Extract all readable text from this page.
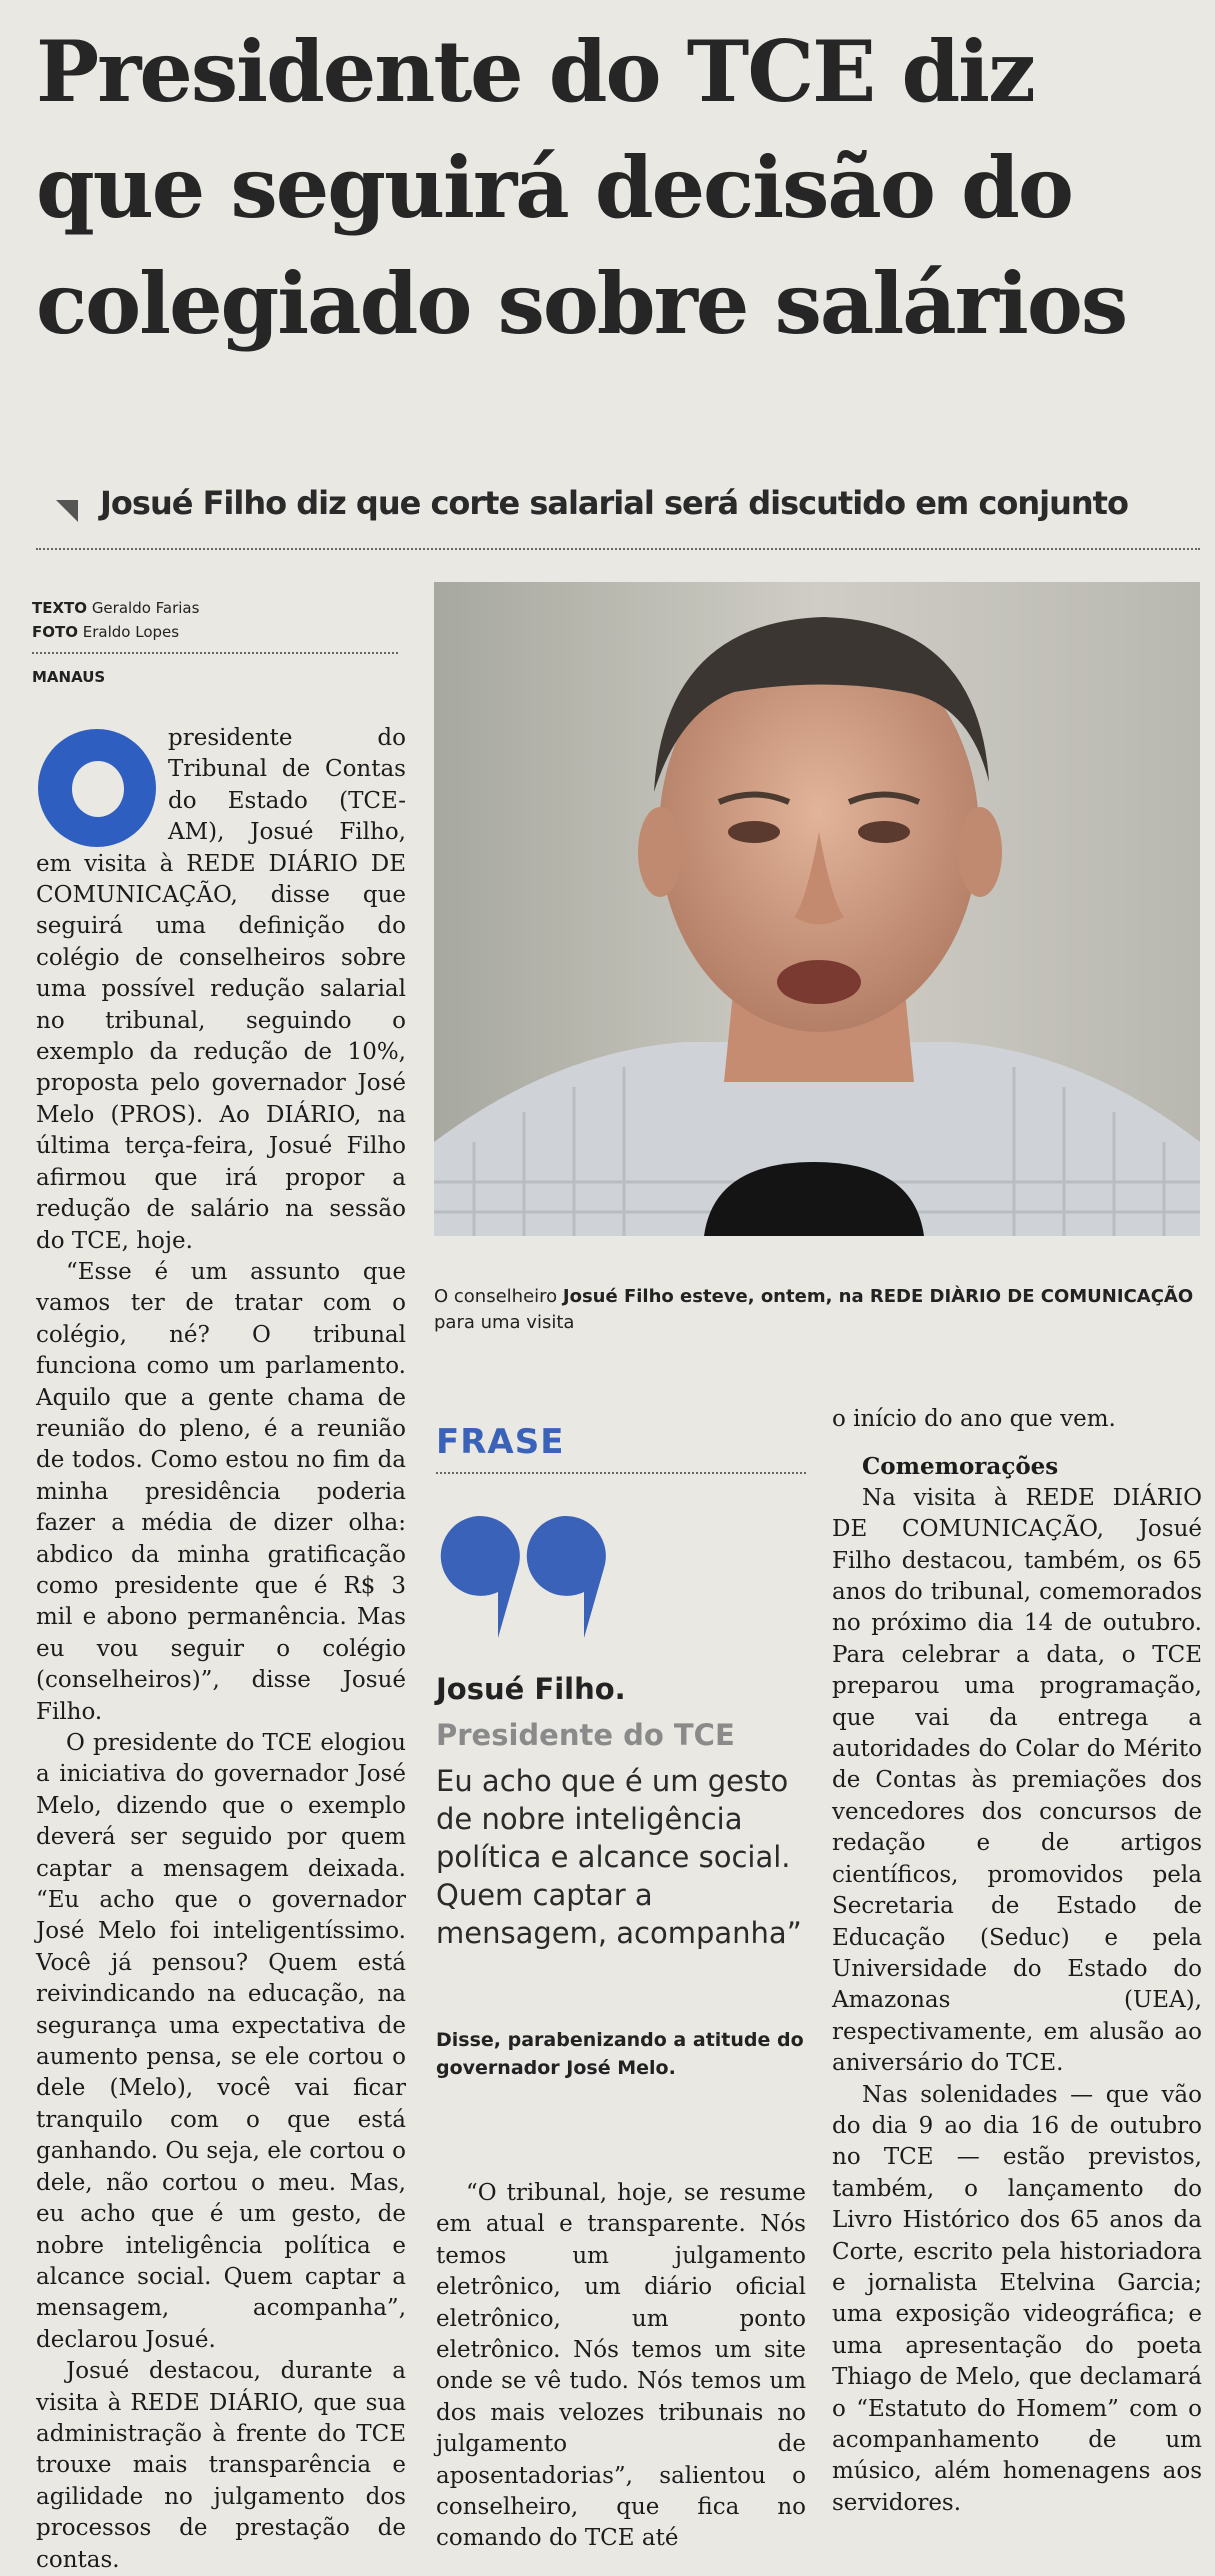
Presidente do TCE diz
que seguirá decisão do
colegiado sobre salários

Josué Filho diz que corte salarial será discutido em conjunto

TEXTO Geraldo Farias
FOTO Eraldo Lopes
MANAUS

presidente do Tribunal de Contas do Estado (TCE-AM), Josué Filho, em visita à REDE DIÁRIO DE COMUNICAÇÃO, disse que seguirá uma definição do colégio de conselheiros sobre uma possível redução salarial no tribunal, seguindo o exemplo da redução de 10%, proposta pelo governador José Melo (PROS). Ao DIÁRIO, na última terça-feira, Josué Filho afirmou que irá propor a redução de salário na sessão do TCE, hoje.

“Esse é um assunto que vamos ter de tratar com o colégio, né? O tribunal funciona como um parlamento. Aquilo que a gente chama de reunião do pleno, é a reunião de todos. Como estou no fim da minha presidência poderia fazer a média de dizer olha: abdico da minha gratificação como presidente que é R$ 3 mil e abono permanência. Mas eu vou seguir o colégio (conselheiros)”, disse Josué Filho.

O presidente do TCE elogiou a iniciativa do governador José Melo, dizendo que o exemplo deverá ser seguido por quem captar a mensagem deixada. “Eu acho que o governador José Melo foi inteligentíssimo. Você já pensou? Quem está reivindicando na educação, na segurança uma expectativa de aumento pensa, se ele cortou o dele (Melo), você vai ficar tranquilo com o que está ganhando. Ou seja, ele cortou o dele, não cortou o meu. Mas, eu acho que é um gesto, de nobre inteligência política e alcance social. Quem captar a mensagem, acompanha”, declarou Josué.

Josué destacou, durante a visita à REDE DIÁRIO, que sua administração à frente do TCE trouxe mais transparência e agilidade no julgamento dos processos de prestação de contas.

O conselheiro Josué Filho esteve, ontem, na REDE DIÀRIO DE COMUNICAÇÃO para uma visita
FRASE
Josué Filho.
Presidente do TCE
Eu acho que é um gesto de nobre inteligência política e alcance social. Quem captar a mensagem, acompanha”
Disse, parabenizando a atitude do governador José Melo.

“O tribunal, hoje, se resume em atual e transparente. Nós temos um julgamento eletrônico, um diário oficial eletrônico, um ponto eletrônico. Nós temos um site onde se vê tudo. Nós temos um dos mais velozes tribunais no julgamento de aposentadorias”, salientou o conselheiro, que fica no comando do TCE até

o início do ano que vem.

Comemorações

Na visita à REDE DIÁRIO DE COMUNICAÇÃO, Josué Filho destacou, também, os 65 anos do tribunal, comemorados no próximo dia 14 de outubro. Para celebrar a data, o TCE preparou uma programação, que vai da entrega a autoridades do Colar do Mérito de Contas às premiações dos vencedores dos concursos de redação e de artigos científicos, promovidos pela Secretaria de Estado de Educação (Seduc) e pela Universidade do Estado do Amazonas (UEA), respectivamente, em alusão ao aniversário do TCE.

Nas solenidades — que vão do dia 9 ao dia 16 de outubro no TCE — estão previstos, também, o lançamento do Livro Histórico dos 65 anos da Corte, escrito pela historiadora e jornalista Etelvina Garcia; uma exposição videográfica; e uma apresentação do poeta Thiago de Melo, que declamará o “Estatuto do Homem” com o acompanhamento de um músico, além homenagens aos servidores.
